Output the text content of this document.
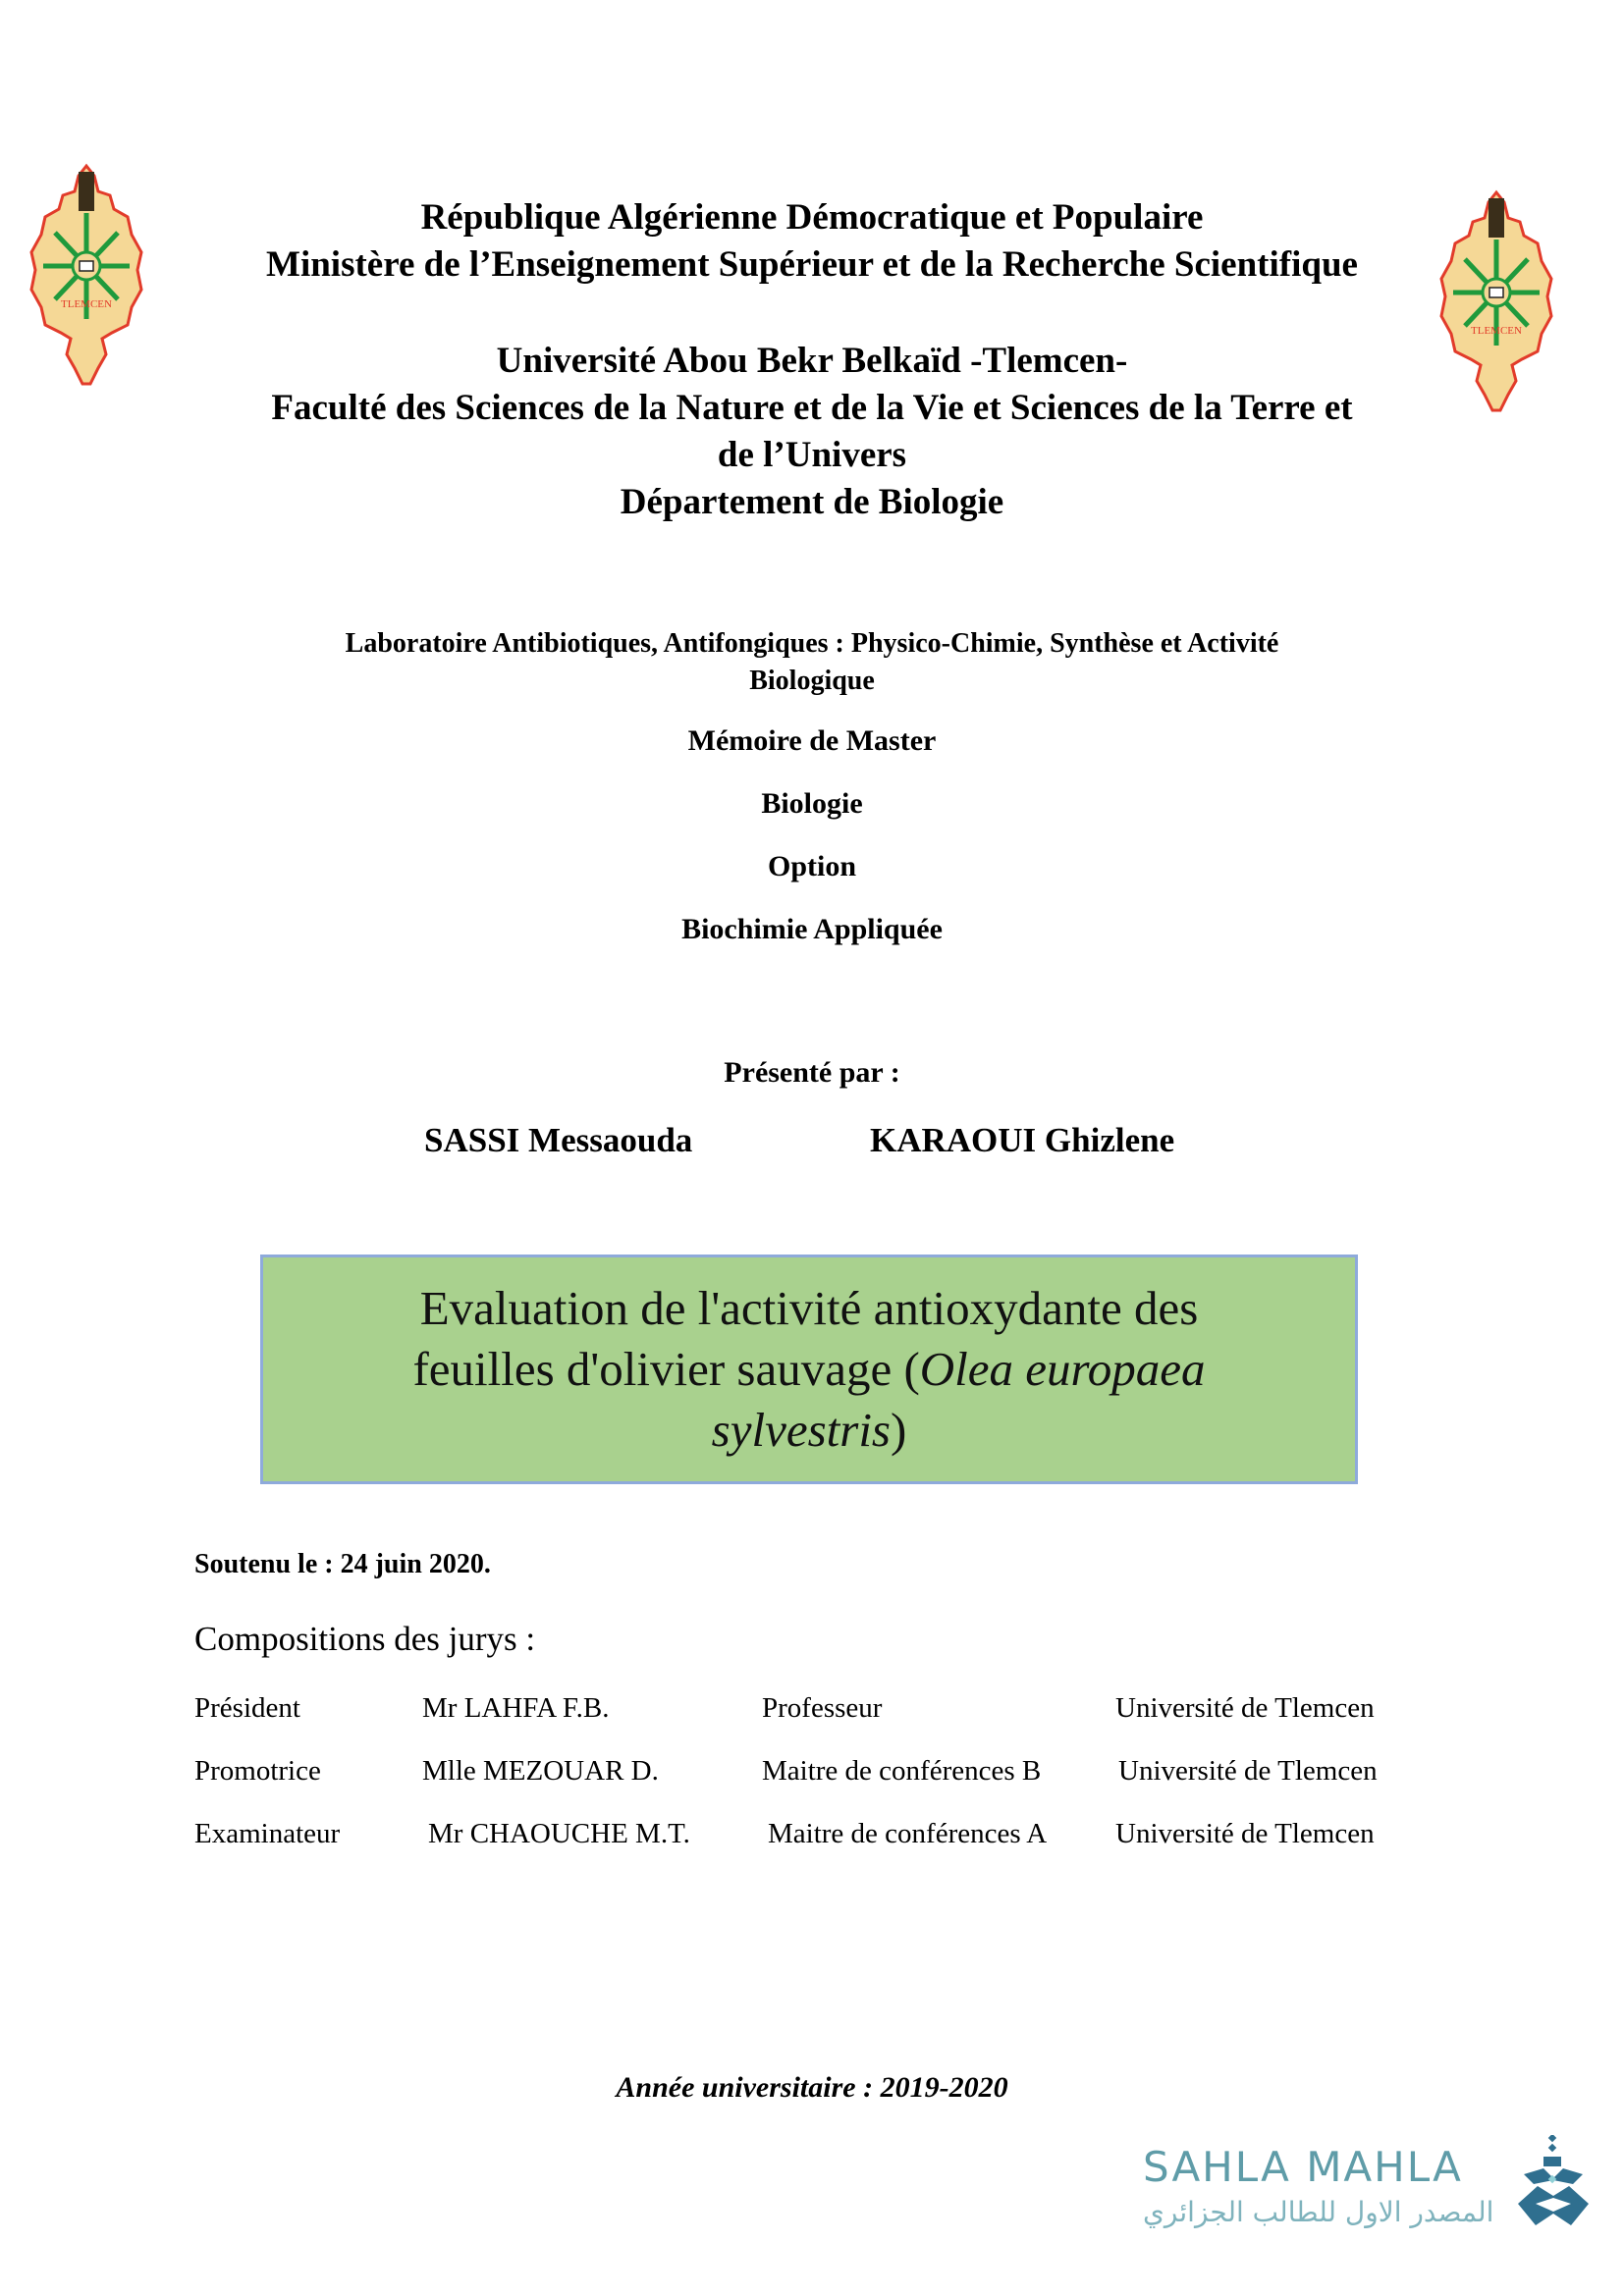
TLEMCEN
TLEMCEN
République Algérienne Démocratique et Populaire
Ministère de l’Enseignement Supérieur et de la Recherche Scientifique
Université Abou Bekr Belkaïd -Tlemcen-
Faculté des Sciences de la Nature et de la Vie et Sciences de la Terre et
de l’Univers
Département de Biologie
Laboratoire Antibiotiques, Antifongiques : Physico-Chimie, Synthèse et Activité
Biologique
Mémoire de Master
Biologie
Option
Biochimie Appliquée
Présenté par :
SASSI Messaouda	KARAOUI Ghizlene
Evaluation de l'activité antioxydante des
feuilles d'olivier sauvage (Olea europaea
sylvestris)
Soutenu le : 24 juin 2020.
Compositions des jurys :
Président	Mr LAHFA F.B.	Professeur	Université de Tlemcen
Promotrice	Mlle MEZOUAR D.	Maitre de conférences B	Université de Tlemcen
Examinateur	Mr CHAOUCHE M.T.	Maitre de conférences A Université de Tlemcen
Année universitaire : 2019-2020
SAHLA MAHLA
المصدر الاول للطالب الجزائري
